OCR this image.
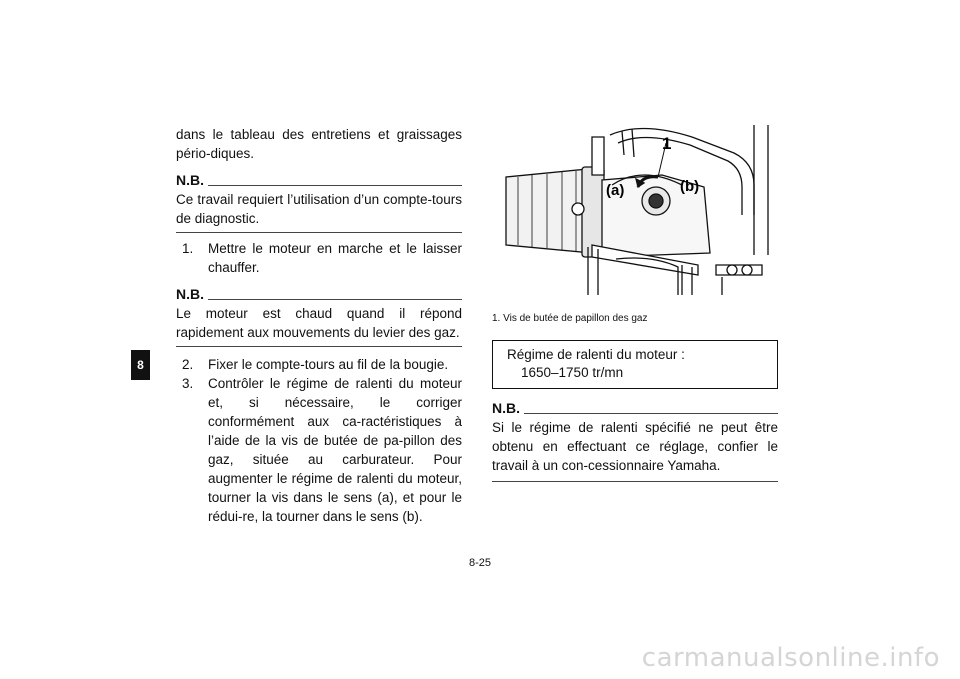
8

dans le tableau des entretiens et graissages pério-diques.

N.B.
Ce travail requiert l’utilisation d’un compte-tours de diagnostic.
1.	Mettre le moteur en marche et le laisser chauffer.
N.B.
Le moteur est chaud quand il répond rapidement aux mouvements du levier des gaz.
2.	Fixer le compte-tours au fil de la bougie.
3.	Contrôler le régime de ralenti du moteur et, si nécessaire, le corriger conformément aux ca-ractéristiques à l’aide de la vis de butée de pa-pillon des gaz, située au carburateur. Pour augmenter le régime de ralenti du moteur, tourner la vis dans le sens (a), et pour le rédui-re, la tourner dans le sens (b).
1
(a)	(b)
1. Vis de butée de papillon des gaz
Régime de ralenti du moteur :
1650–1750 tr/mn
N.B.
Si le régime de ralenti spécifié ne peut être obtenu en effectuant ce réglage, confier le travail à un con-cessionnaire Yamaha.
8-25
carmanualsonline.info
